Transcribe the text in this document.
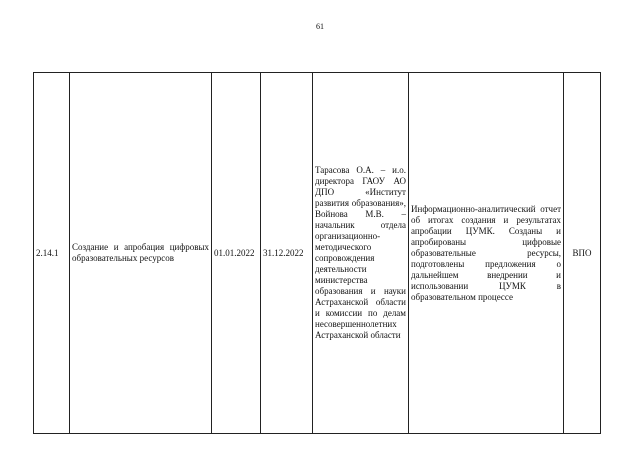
61
2.14.1	Создание и апробация цифровых образовательных ресурсов	01.01.2022	31.12.2022	Тарасова О.А. – и.о. директора ГАОУ АО ДПО «Институт развития образования», Войнова М.В. – начальник отдела организационно-методического сопровождения деятельности министерства образования и науки Астраханской области и комиссии по делам несовершеннолетних Астраханской области	Информационно-аналитический отчет об итогах создания и результатах апробации ЦУМК. Созданы и апробированы цифровые образовательные ресурсы, подготовлены предложения о дальнейшем внедрении и использовании ЦУМК в образовательном процессе	ВПО
